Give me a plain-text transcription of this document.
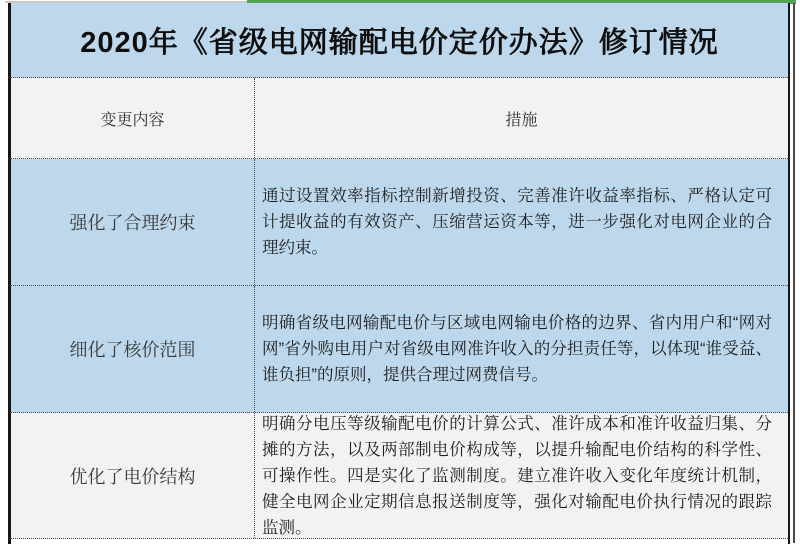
2020年《省级电网输配电价定价办法》修订情况
变更内容	措施
强化了合理约束
通过设置效率指标控制新增投资、完善准许收益率指标、严格认定可计提收益的有效资产、压缩营运资本等，进一步强化对电网企业的合理约束。
细化了核价范围
明确省级电网输配电价与区域电网输电价格的边界、省内用户和“网对网”省外购电用户对省级电网准许收入的分担责任等，以体现“谁受益、谁负担”的原则，提供合理过网费信号。
优化了电价结构
明确分电压等级输配电价的计算公式、准许成本和准许收益归集、分摊的方法，以及两部制电价构成等，以提升输配电价结构的科学性、可操作性。四是实化了监测制度。建立准许收入变化年度统计机制，健全电网企业定期信息报送制度等，强化对输配电价执行情况的跟踪监测。
